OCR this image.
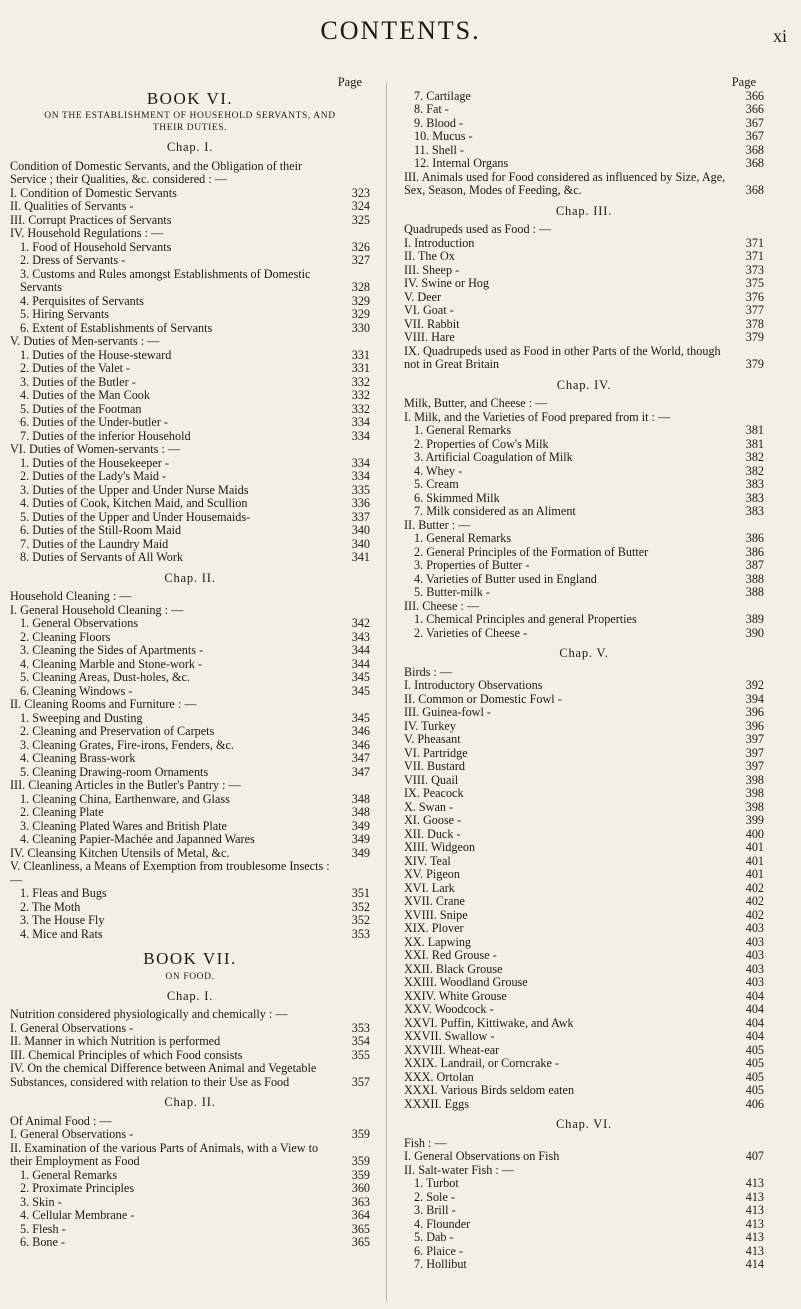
CONTENTS.	xi
Page
BOOK VI.
ON THE ESTABLISHMENT OF HOUSEHOLD SERVANTS, AND THEIR DUTIES.
Chap. I.
Condition of Domestic Servants, and the Obligation of their Service ; their Qualities, &c. considered : —
I. Condition of Domestic Servants	323
II. Qualities of Servants -	324
III. Corrupt Practices of Servants	325
IV. Household Regulations : —
1. Food of Household Servants	326
2. Dress of Servants -	327
3. Customs and Rules amongst Establishments of Domestic Servants	328
4. Perquisites of Servants	329
5. Hiring Servants	329
6. Extent of Establishments of Servants	330
V. Duties of Men-servants : —
1. Duties of the House-steward	331
2. Duties of the Valet -	331
3. Duties of the Butler -	332
4. Duties of the Man Cook	332
5. Duties of the Footman	332
6. Duties of the Under-butler -	334
7. Duties of the inferior Household	334
VI. Duties of Women-servants : —
1. Duties of the Housekeeper -	334
2. Duties of the Lady's Maid -	334
3. Duties of the Upper and Under Nurse Maids	335
4. Duties of Cook, Kitchen Maid, and Scullion	336
5. Duties of the Upper and Under Housemaids-	337
6. Duties of the Still-Room Maid	340
7. Duties of the Laundry Maid	340
8. Duties of Servants of All Work	341
Chap. II.
Household Cleaning : —
I. General Household Cleaning : —
1. General Observations	342
2. Cleaning Floors	343
3. Cleaning the Sides of Apartments -	344
4. Cleaning Marble and Stone-work -	344
5. Cleaning Areas, Dust-holes, &c.	345
6. Cleaning Windows -	345
II. Cleaning Rooms and Furniture : —
1. Sweeping and Dusting	345
2. Cleaning and Preservation of Carpets	346
3. Cleaning Grates, Fire-irons, Fenders, &c.	346
4. Cleaning Brass-work	347
5. Cleaning Drawing-room Ornaments	347
III. Cleaning Articles in the Butler's Pantry : —
1. Cleaning China, Earthenware, and Glass	348
2. Cleaning Plate	348
3. Cleaning Plated Wares and British Plate	349
4. Cleaning Papier-Machée and Japanned Wares	349
IV. Cleansing Kitchen Utensils of Metal, &c.	349
V. Cleanliness, a Means of Exemption from troublesome Insects : —
1. Fleas and Bugs	351
2. The Moth	352
3. The House Fly	352
4. Mice and Rats	353
BOOK VII.
ON FOOD.
Chap. I.
Nutrition considered physiologically and chemically : —
I. General Observations -	353
II. Manner in which Nutrition is performed	354
III. Chemical Principles of which Food consists	355
IV. On the chemical Difference between Animal and Vegetable Substances, considered with relation to their Use as Food	357
Chap. II.
Of Animal Food : —
I. General Observations -	359
II. Examination of the various Parts of Animals, with a View to their Employment as Food	359
1. General Remarks	359
2. Proximate Principles	360
3. Skin -	363
4. Cellular Membrane -	364
5. Flesh -	365
6. Bone -	365
Page
7. Cartilage	366
8. Fat -	366
9. Blood -	367
10. Mucus -	367
11. Shell -	368
12. Internal Organs	368
III. Animals used for Food considered as influenced by Size, Age, Sex, Season, Modes of Feeding, &c.	368
Chap. III.
Quadrupeds used as Food : —
I. Introduction	371
II. The Ox	371
III. Sheep -	373
IV. Swine or Hog	375
V. Deer	376
VI. Goat -	377
VII. Rabbit	378
VIII. Hare	379
IX. Quadrupeds used as Food in other Parts of the World, though not in Great Britain	379
Chap. IV.
Milk, Butter, and Cheese : —
I. Milk, and the Varieties of Food prepared from it : —
1. General Remarks	381
2. Properties of Cow's Milk	381
3. Artificial Coagulation of Milk	382
4. Whey -	382
5. Cream	383
6. Skimmed Milk	383
7. Milk considered as an Aliment	383
II. Butter : —
1. General Remarks	386
2. General Principles of the Formation of Butter	386
3. Properties of Butter -	387
4. Varieties of Butter used in England	388
5. Butter-milk -	388
III. Cheese : —
1. Chemical Principles and general Properties	389
2. Varieties of Cheese -	390
Chap. V.
Birds : —
I. Introductory Observations	392
II. Common or Domestic Fowl -	394
III. Guinea-fowl -	396
IV. Turkey	396
V. Pheasant	397
VI. Partridge	397
VII. Bustard	397
VIII. Quail	398
IX. Peacock	398
X. Swan -	398
XI. Goose -	399
XII. Duck -	400
XIII. Widgeon	401
XIV. Teal	401
XV. Pigeon	401
XVI. Lark	402
XVII. Crane	402
XVIII. Snipe	402
XIX. Plover	403
XX. Lapwing	403
XXI. Red Grouse -	403
XXII. Black Grouse	403
XXIII. Woodland Grouse	403
XXIV. White Grouse	404
XXV. Woodcock -	404
XXVI. Puffin, Kittiwake, and Awk	404
XXVII. Swallow -	404
XXVIII. Wheat-ear	405
XXIX. Landrail, or Corncrake -	405
XXX. Ortolan	405
XXXI. Various Birds seldom eaten	405
XXXII. Eggs	406
Chap. VI.
Fish : —
I. General Observations on Fish	407
II. Salt-water Fish : —
1. Turbot	413
2. Sole -	413
3. Brill -	413
4. Flounder	413
5. Dab -	413
6. Plaice -	413
7. Hollibut	414
